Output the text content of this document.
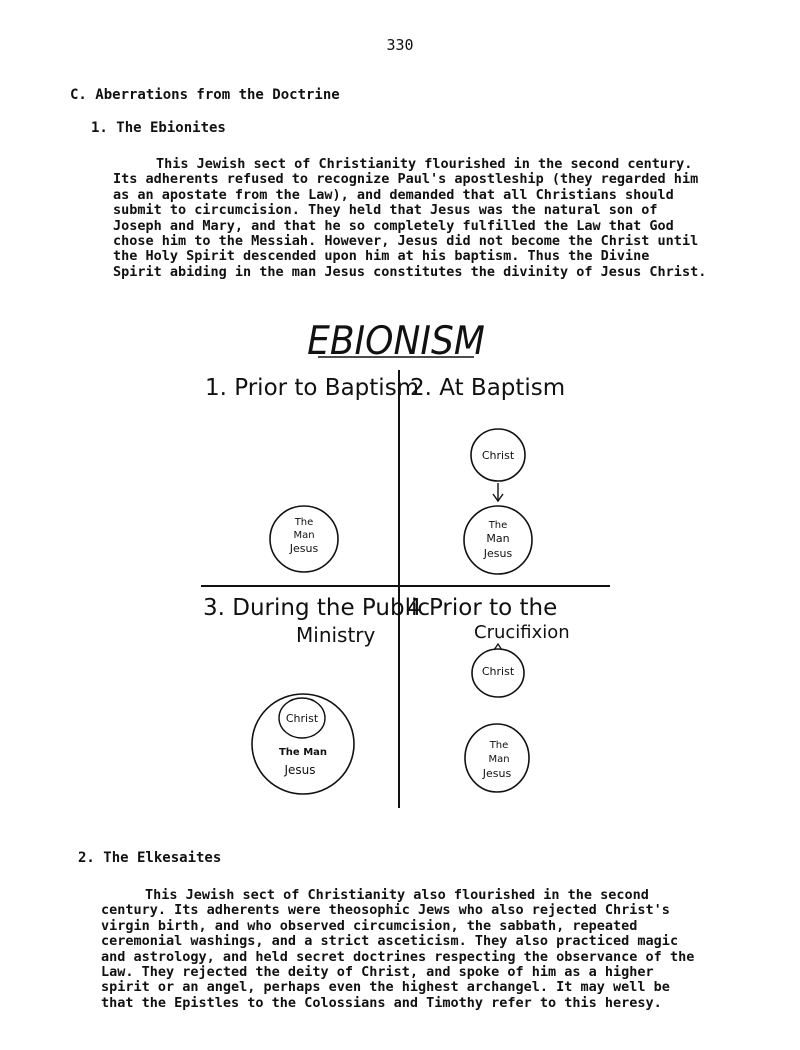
330
C. Aberrations from the Doctrine
1. The Ebionites

This Jewish sect of Christianity flourished in the second century.

Its adherents refused to recognize Paul's apostleship (they regarded him

as an apostate from the Law), and demanded that all Christians should

submit to circumcision. They held that Jesus was the natural son of

Joseph and Mary, and that he so completely fulfilled the Law that God

chose him to the Messiah. However, Jesus did not become the Christ until

the Holy Spirit descended upon him at his baptism. Thus the Divine

Spirit abiding in the man Jesus constitutes the divinity of Jesus Christ.

EBIONISM
1. Prior to Baptism
The
Man
Jesus
2. At Baptism
Christ
The
Man
Jesus
3. During the Public
Ministry
Christ
The Man
Jesus
4 Prior to the
Crucifixion
Christ
The
Man
Jesus
2. The Elkesaites

This Jewish sect of Christianity also flourished in the second

century. Its adherents were theosophic Jews who also rejected Christ's

virgin birth, and who observed circumcision, the sabbath, repeated

ceremonial washings, and a strict asceticism. They also practiced magic

and astrology, and held secret doctrines respecting the observance of the

Law. They rejected the deity of Christ, and spoke of him as a higher

spirit or an angel, perhaps even the highest archangel. It may well be

that the Epistles to the Colossians and Timothy refer to this heresy.
